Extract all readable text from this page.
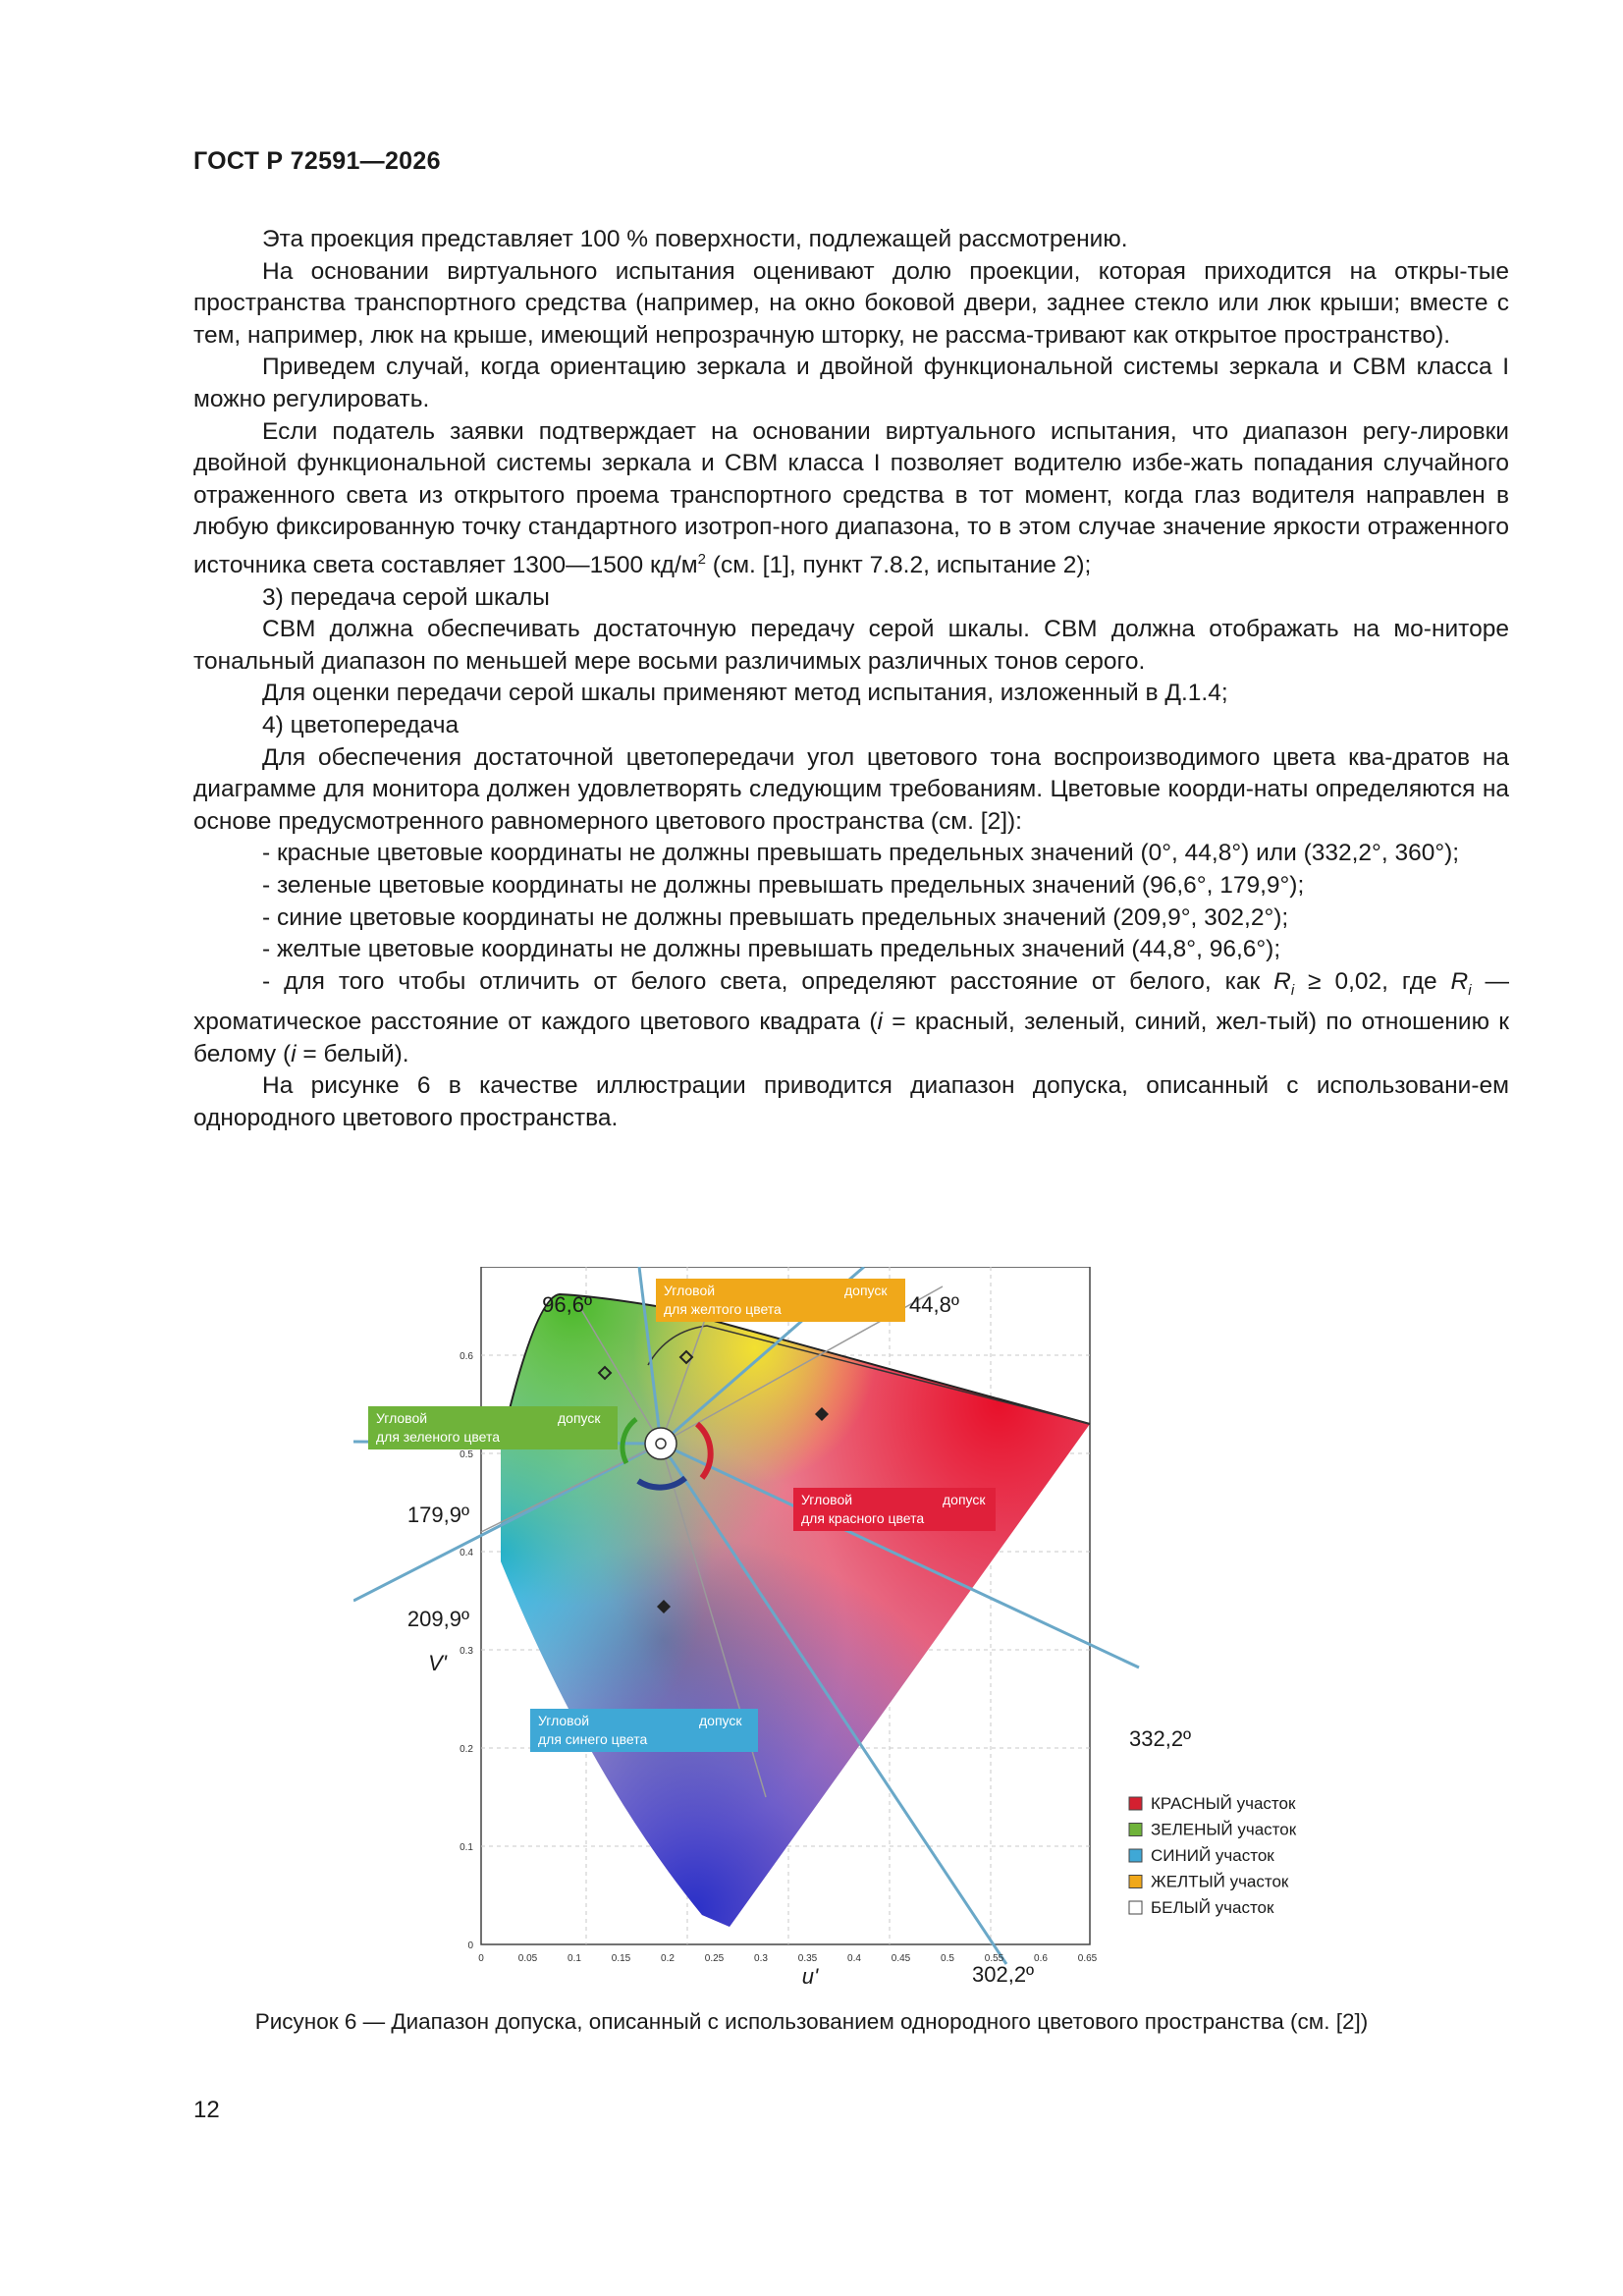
ГОСТ Р 72591—2026

Эта проекция представляет 100 % поверхности, подлежащей рассмотрению.

На основании виртуального испытания оценивают долю проекции, которая приходится на откры-тые пространства транспортного средства (например, на окно боковой двери, заднее стекло или люк крыши; вместе с тем, например, люк на крыше, имеющий непрозрачную шторку, не рассма-тривают как открытое пространство).

Приведем случай, когда ориентацию зеркала и двойной функциональной системы зеркала и СВМ класса I можно регулировать.

Если податель заявки подтверждает на основании виртуального испытания, что диапазон регу-лировки двойной функциональной системы зеркала и СВМ класса I позволяет водителю избе-жать попадания случайного отраженного света из открытого проема транспортного средства в тот момент, когда глаз водителя направлен в любую фиксированную точку стандартного изотроп-ного диапазона, то в этом случае значение яркости отраженного источника света составляет 1300—1500 $кд/м^2$ (см. [1], пункт 7.8.2, испытание 2);

3) передача серой шкалы

СВМ должна обеспечивать достаточную передачу серой шкалы. СВМ должна отображать на мо-ниторе тональный диапазон по меньшей мере восьми различимых различных тонов серого.

Для оценки передачи серой шкалы применяют метод испытания, изложенный в Д.1.4;

4) цветопередача

Для обеспечения достаточной цветопередачи угол цветового тона воспроизводимого цвета ква-дратов на диаграмме для монитора должен удовлетворять следующим требованиям. Цветовые коорди-наты определяются на основе предусмотренного равномерного цветового пространства (см. [2]):

- красные цветовые координаты не должны превышать предельных значений (0°, 44,8°) или (332,2°, 360°);

- зеленые цветовые координаты не должны превышать предельных значений (96,6°, 179,9°);

- синие цветовые координаты не должны превышать предельных значений (209,9°, 302,2°);

- желтые цветовые координаты не должны превышать предельных значений (44,8°, 96,6°);

- для того чтобы отличить от белого света, определяют расстояние от белого, как $R_i \ge 0,02$, где $R_i$ — хроматическое расстояние от каждого цветового квадрата (i = красный, зеленый, синий, жел-тый) по отношению к белому (i = белый).

На рисунке 6 в качестве иллюстрации приводится диапазон допуска, описанный с использовани-ем однородного цветового пространства.

96,6º	44,8º
179,9º
209,9º
332,2º
302,2º
V'
u'
0	0.05	0.1	0.15	0.2	0.25	0.3	0.35	0.4	0.45	0.5	0.55	0.6	0.65
0
0.1
0.2
0.3
0.4
0.5
0.6
Угловой	допуск
для желтого цвета
Угловой	допуск
для зеленого цвета
Угловой	допуск
для красного цвета
Угловой	допуск
для синего цвета
КРАСНЫЙ участок
ЗЕЛЕНЫЙ участок
СИНИЙ участок
ЖЕЛТЫЙ участок
БЕЛЫЙ участок
Рисунок 6 — Диапазон допуска, описанный с использованием однородного цветового пространства (см. [2])
12
